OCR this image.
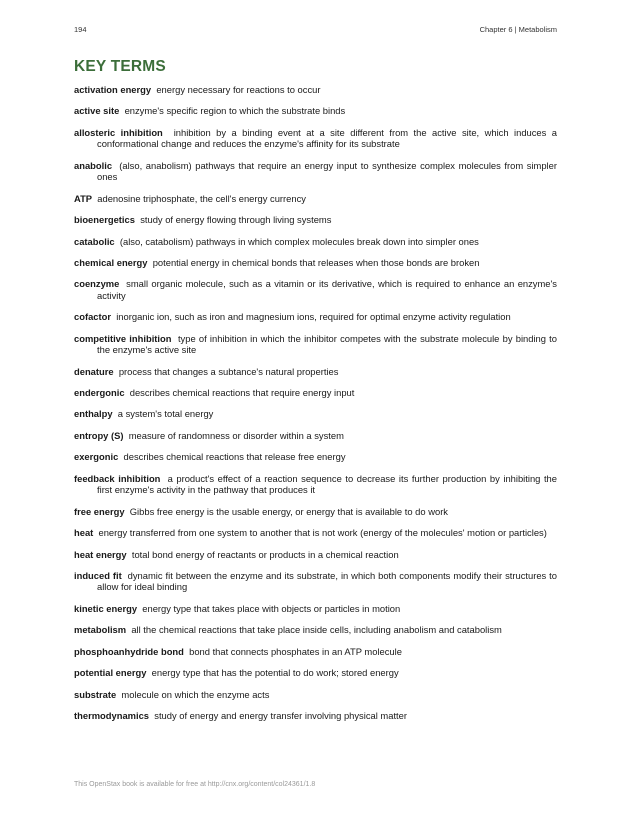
194	Chapter 6 | Metabolism
KEY TERMS
activation energy energy necessary for reactions to occur
active site enzyme's specific region to which the substrate binds
allosteric inhibition inhibition by a binding event at a site different from the active site, which induces a conformational change and reduces the enzyme's affinity for its substrate
anabolic (also, anabolism) pathways that require an energy input to synthesize complex molecules from simpler ones
ATP adenosine triphosphate, the cell's energy currency
bioenergetics study of energy flowing through living systems
catabolic (also, catabolism) pathways in which complex molecules break down into simpler ones
chemical energy potential energy in chemical bonds that releases when those bonds are broken
coenzyme small organic molecule, such as a vitamin or its derivative, which is required to enhance an enzyme's activity
cofactor inorganic ion, such as iron and magnesium ions, required for optimal enzyme activity regulation
competitive inhibition type of inhibition in which the inhibitor competes with the substrate molecule by binding to the enzyme's active site
denature process that changes a subtance's natural properties
endergonic describes chemical reactions that require energy input
enthalpy a system's total energy
entropy (S) measure of randomness or disorder within a system
exergonic describes chemical reactions that release free energy
feedback inhibition a product's effect of a reaction sequence to decrease its further production by inhibiting the first enzyme's activity in the pathway that produces it
free energy Gibbs free energy is the usable energy, or energy that is available to do work
heat energy transferred from one system to another that is not work (energy of the molecules' motion or particles)
heat energy total bond energy of reactants or products in a chemical reaction
induced fit dynamic fit between the enzyme and its substrate, in which both components modify their structures to allow for ideal binding
kinetic energy energy type that takes place with objects or particles in motion
metabolism all the chemical reactions that take place inside cells, including anabolism and catabolism
phosphoanhydride bond bond that connects phosphates in an ATP molecule
potential energy energy type that has the potential to do work; stored energy
substrate molecule on which the enzyme acts
thermodynamics study of energy and energy transfer involving physical matter
This OpenStax book is available for free at http://cnx.org/content/col24361/1.8
